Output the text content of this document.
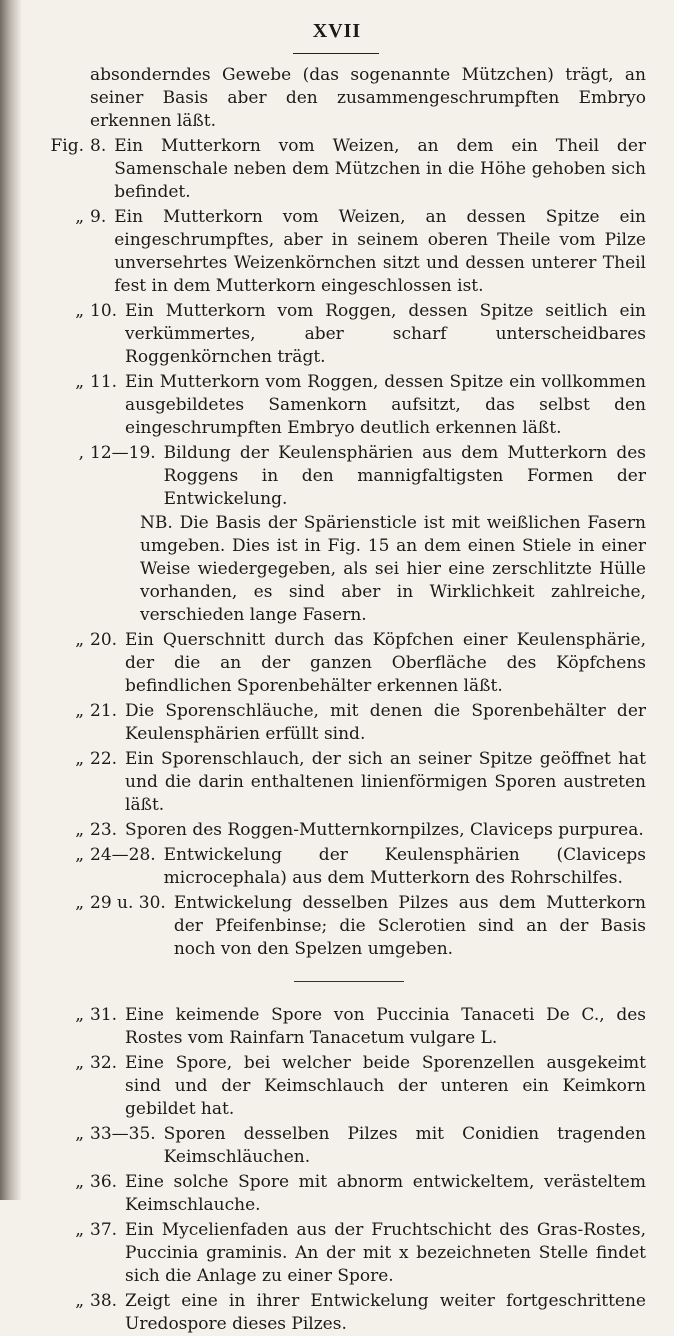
XVII
absonderndes Gewebe (das sogenannte Mützchen) trägt, an seiner Basis aber den zusammengeschrumpften Embryo erkennen läßt.
Fig. 8. Ein Mutterkorn vom Weizen, an dem ein Theil der Samenschale neben dem Mützchen in die Höhe gehoben sich befindet.
„ 9. Ein Mutterkorn vom Weizen, an dessen Spitze ein eingeschrumpftes, aber in seinem oberen Theile vom Pilze unversehrtes Weizenkörnchen sitzt und dessen unterer Theil fest in dem Mutterkorn eingeschlossen ist.
„ 10. Ein Mutterkorn vom Roggen, dessen Spitze seitlich ein verkümmertes, aber scharf unterscheidbares Roggenkörnchen trägt.
„ 11. Ein Mutterkorn vom Roggen, dessen Spitze ein vollkommen ausgebildetes Samenkorn aufsitzt, das selbst den eingeschrumpften Embryo deutlich erkennen läßt.
, 12—19. Bildung der Keulensphärien aus dem Mutterkorn des Roggens in den mannigfaltigsten Formen der Entwickelung.
NB. Die Basis der Späriensticle ist mit weißlichen Fasern umgeben. Dies ist in Fig. 15 an dem einen Stiele in einer Weise wiedergegeben, als sei hier eine zerschlitzte Hülle vorhanden, es sind aber in Wirklichkeit zahlreiche, verschieden lange Fasern.
„ 20. Ein Querschnitt durch das Köpfchen einer Keulensphärie, der die an der ganzen Oberfläche des Köpfchens befindlichen Sporenbehälter erkennen läßt.
„ 21. Die Sporenschläuche, mit denen die Sporenbehälter der Keulensphärien erfüllt sind.
„ 22. Ein Sporenschlauch, der sich an seiner Spitze geöffnet hat und die darin enthaltenen linienförmigen Sporen austreten läßt.
„ 23. Sporen des Roggen-Mutternkornpilzes, Claviceps purpurea.
„ 24—28. Entwickelung der Keulensphärien (Claviceps microcephala) aus dem Mutterkorn des Rohrschilfes.
„ 29 u. 30. Entwickelung desselben Pilzes aus dem Mutterkorn der Pfeifenbinse; die Sclerotien sind an der Basis noch von den Spelzen umgeben.
„ 31. Eine keimende Spore von Puccinia Tanaceti De C., des Rostes vom Rainfarn Tanacetum vulgare L.
„ 32. Eine Spore, bei welcher beide Sporenzellen ausgekeimt sind und der Keimschlauch der unteren ein Keimkorn gebildet hat.
„ 33—35. Sporen desselben Pilzes mit Conidien tragenden Keimschläuchen.
„ 36. Eine solche Spore mit abnorm entwickeltem, verästeltem Keimschlauche.
„ 37. Ein Mycelienfaden aus der Fruchtschicht des Gras-Rostes, Puccinia graminis. An der mit x bezeichneten Stelle findet sich die Anlage zu einer Spore.
„ 38. Zeigt eine in ihrer Entwickelung weiter fortgeschrittene Uredospore dieses Pilzes.
